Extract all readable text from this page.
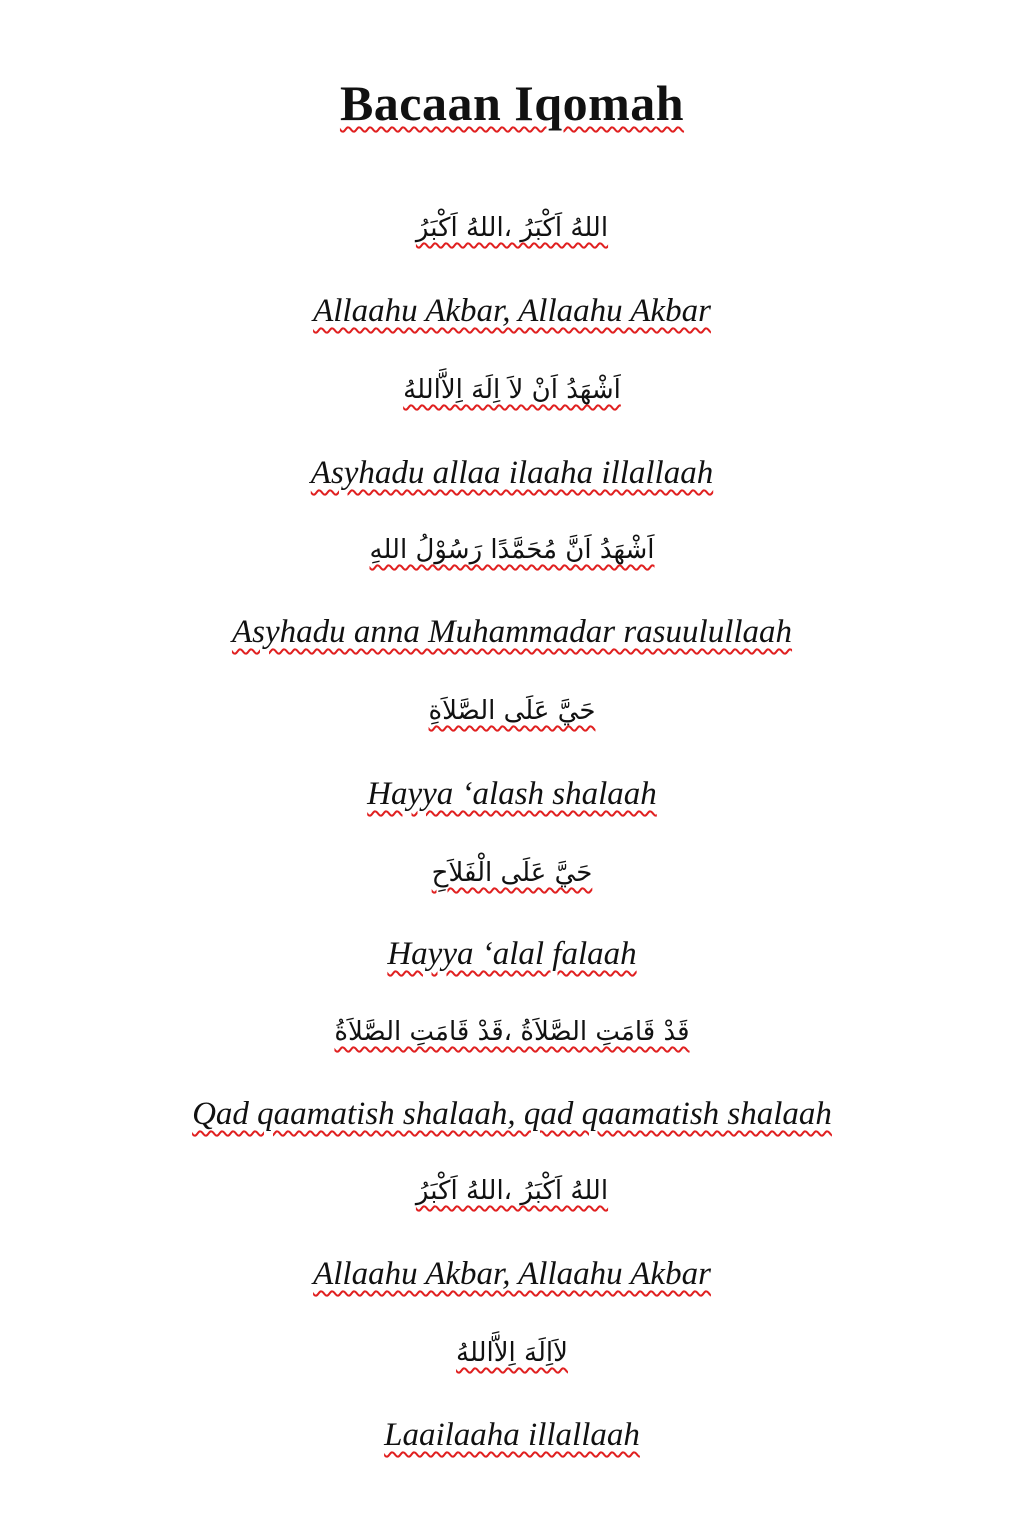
Bacaan Iqomah
اللهُ اَكْبَرُ ،اللهُ اَكْبَرُ
Allaahu Akbar, Allaahu Akbar
اَشْهَدُ اَنْ لاَ اِلَهَ اِلاَّاللهُ
Asyhadu allaa ilaaha illallaah
اَشْهَدُ اَنَّ مُحَمَّدًا رَسُوْلُ اللهِ
Asyhadu anna Muhammadar rasuulullaah
حَيَّ عَلَى الصَّلاَةِ
Hayya ‘alash shalaah
حَيَّ عَلَى الْفَلاَحِ
Hayya ‘alal falaah
قَدْ قَامَتِ الصَّلاَةُ ،قَدْ قَامَتِ الصَّلاَةُ
Qad qaamatish shalaah, qad qaamatish shalaah
اللهُ اَكْبَرُ ،اللهُ اَكْبَرُ
Allaahu Akbar, Allaahu Akbar
لاَاِلَهَ اِلاَّاللهُ
Laailaaha illallaah
